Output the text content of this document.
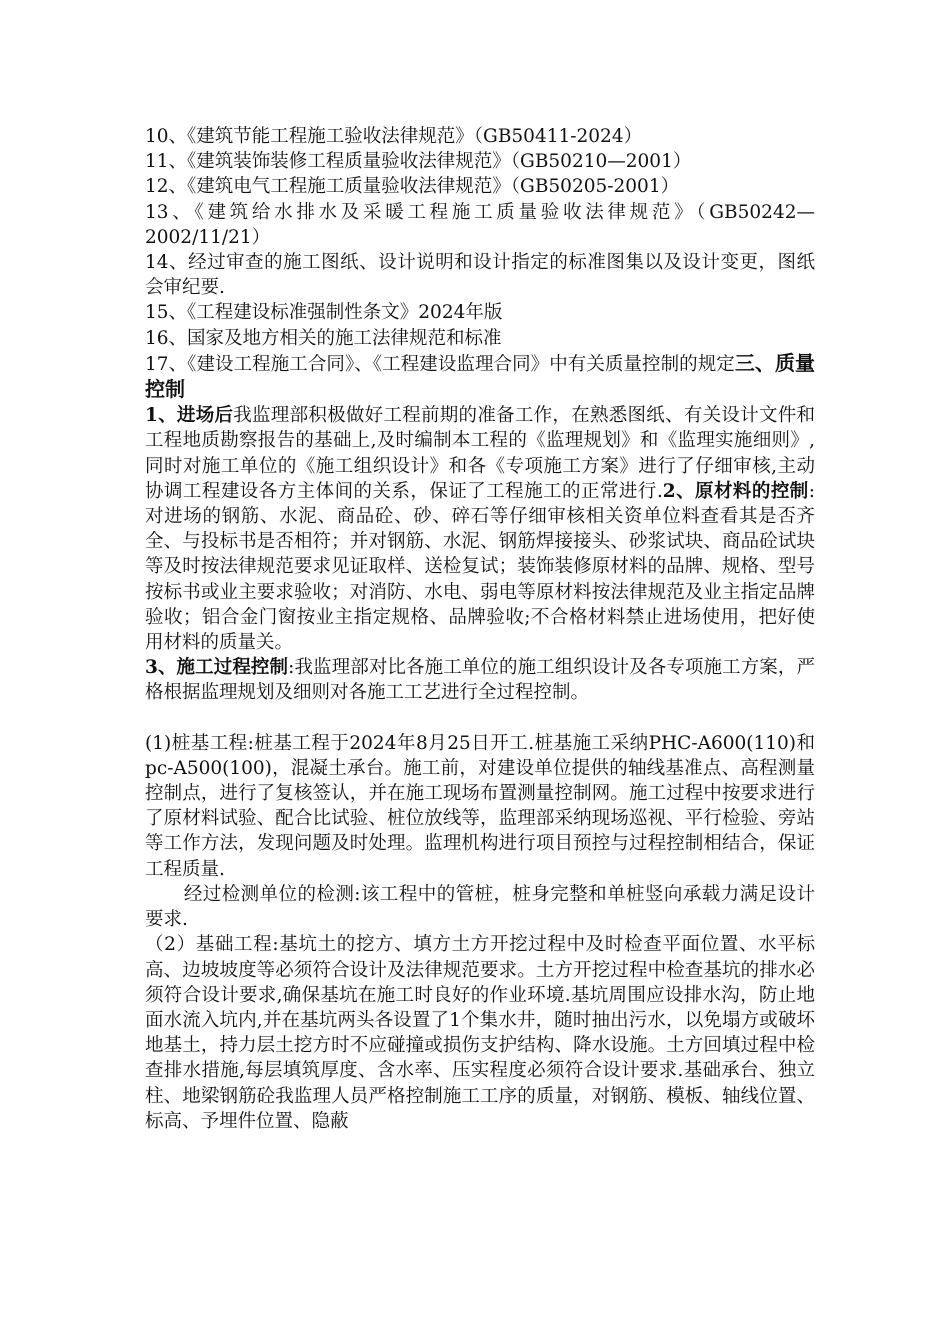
10、《建筑节能工程施工验收法律规范》（GB50411-2024）

11、《建筑装饰装修工程质量验收法律规范》（GB50210—2001）

12、《建筑电气工程施工质量验收法律规范》（GB50205-2001）

13、《建筑给水排水及采暖工程施工质量验收法律规范》（GB50242—2002/11/21）

14、经过审查的施工图纸、设计说明和设计指定的标准图集以及设计变更，图纸会审纪要.

15、《工程建设标准强制性条文》2024年版

16、国家及地方相关的施工法律规范和标准

17、《建设工程施工合同》、《工程建设监理合同》中有关质量控制的规定三、质量控制

1、进场后我监理部积极做好工程前期的准备工作，在熟悉图纸、有关设计文件和工程地质勘察报告的基础上,及时编制本工程的《监理规划》和《监理实施细则》,同时对施工单位的《施工组织设计》和各《专项施工方案》进行了仔细审核,主动协调工程建设各方主体间的关系，保证了工程施工的正常进行.2、原材料的控制:对进场的钢筋、水泥、商品砼、砂、碎石等仔细审核相关资单位料查看其是否齐全、与投标书是否相符；并对钢筋、水泥、钢筋焊接接头、砂浆试块、商品砼试块等及时按法律规范要求见证取样、送检复试；装饰装修原材料的品牌、规格、型号按标书或业主要求验收；对消防、水电、弱电等原材料按法律规范及业主指定品牌验收；铝合金门窗按业主指定规格、品牌验收;不合格材料禁止进场使用，把好使用材料的质量关。

3、施工过程控制:我监理部对比各施工单位的施工组织设计及各专项施工方案，严格根据监理规划及细则对各施工工艺进行全过程控制。

(1)桩基工程:桩基工程于2024年8月25日开工.桩基施工采纳PHC-A600(110)和pc-A500(100)，混凝土承台。施工前，对建设单位提供的轴线基准点、高程测量控制点，进行了复核签认，并在施工现场布置测量控制网。施工过程中按要求进行了原材料试验、配合比试验、桩位放线等，监理部采纳现场巡视、平行检验、旁站等工作方法，发现问题及时处理。监理机构进行项目预控与过程控制相结合，保证工程质量.

经过检测单位的检测:该工程中的管桩，桩身完整和单桩竖向承载力满足设计要求.

（2）基础工程:基坑土的挖方、填方土方开挖过程中及时检查平面位置、水平标高、边坡坡度等必须符合设计及法律规范要求。土方开挖过程中检查基坑的排水必须符合设计要求,确保基坑在施工时良好的作业环境.基坑周围应设排水沟，防止地面水流入坑内,并在基坑两头各设置了1个集水井，随时抽出污水，以免塌方或破坏地基土，持力层土挖方时不应碰撞或损伤支护结构、降水设施。土方回填过程中检查排水措施,每层填筑厚度、含水率、压实程度必须符合设计要求.基础承台、独立柱、地梁钢筋砼我监理人员严格控制施工工序的质量，对钢筋、模板、轴线位置、标高、予埋件位置、隐蔽
